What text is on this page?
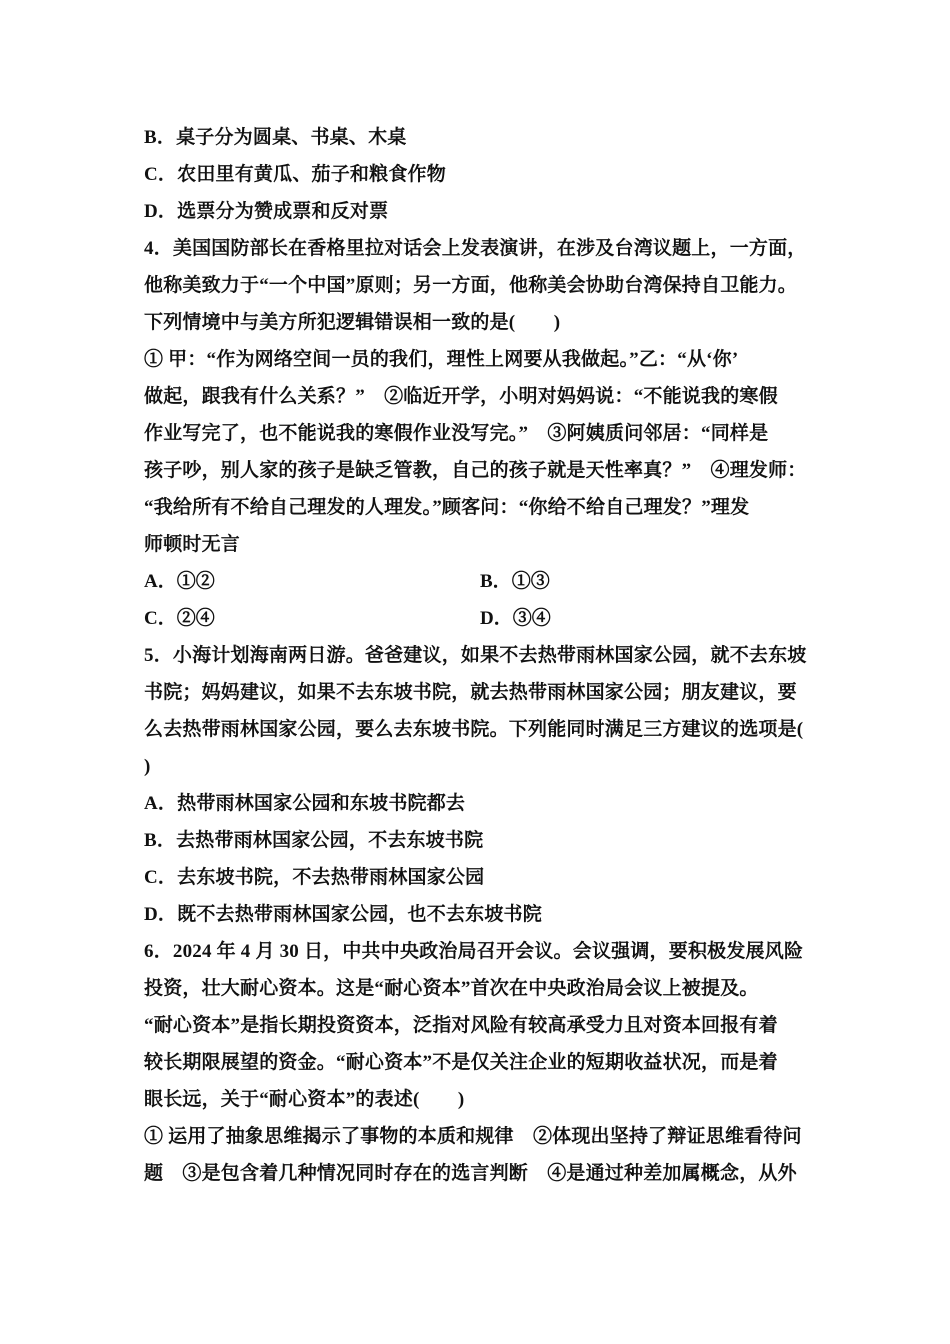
B．桌子分为圆桌、书桌、木桌
C．农田里有黄瓜、茄子和粮食作物
D．选票分为赞成票和反对票
4．美国国防部长在香格里拉对话会上发表演讲，在涉及台湾议题上，一方面，
他称美致力于“一个中国”原则；另一方面，他称美会协助台湾保持自卫能力。
下列情境中与美方所犯逻辑错误相一致的是(　　)
① 甲：“作为网络空间一员的我们，理性上网要从我做起。”乙：“从‘你’
做起，跟我有什么关系？”　②临近开学，小明对妈妈说：“不能说我的寒假
作业写完了，也不能说我的寒假作业没写完。”　③阿姨质问邻居：“同样是
孩子吵，别人家的孩子是缺乏管教，自己的孩子就是天性率真？”　④理发师：
“我给所有不给自己理发的人理发。”顾客问：“你给不给自己理发？”理发
师顿时无言
A．①②	B．①③
C．②④	D．③④
5．小海计划海南两日游。爸爸建议，如果不去热带雨林国家公园，就不去东坡
书院；妈妈建议，如果不去东坡书院，就去热带雨林国家公园；朋友建议，要
么去热带雨林国家公园，要么去东坡书院。下列能同时满足三方建议的选项是(
)
A．热带雨林国家公园和东坡书院都去
B．去热带雨林国家公园，不去东坡书院
C．去东坡书院，不去热带雨林国家公园
D．既不去热带雨林国家公园，也不去东坡书院
6．2024 年 4 月 30 日，中共中央政治局召开会议。会议强调，要积极发展风险
投资，壮大耐心资本。这是“耐心资本”首次在中央政治局会议上被提及。
“耐心资本”是指长期投资资本，泛指对风险有较高承受力且对资本回报有着
较长期限展望的资金。“耐心资本”不是仅关注企业的短期收益状况，而是着
眼长远，关于“耐心资本”的表述(　　)
① 运用了抽象思维揭示了事物的本质和规律　②体现出坚持了辩证思维看待问
题　③是包含着几种情况同时存在的选言判断　④是通过种差加属概念，从外
